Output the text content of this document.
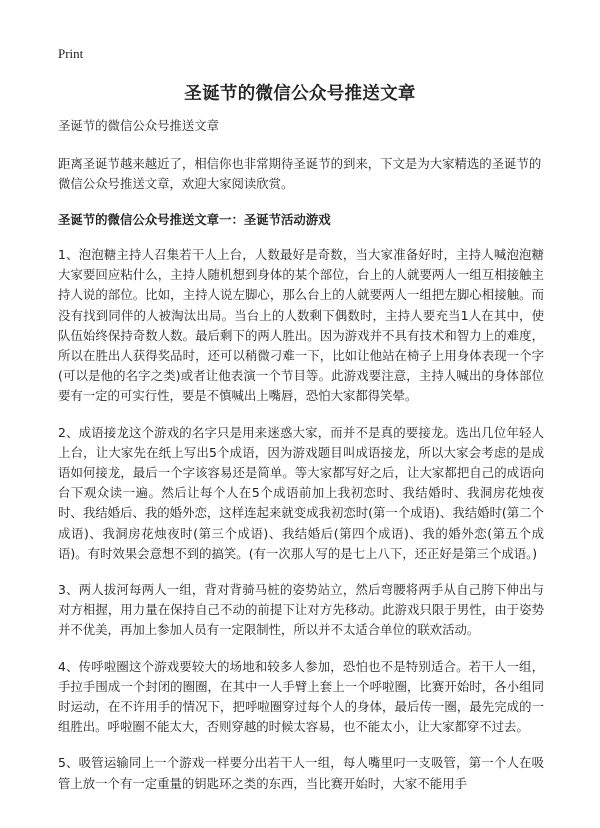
Print
圣诞节的微信公众号推送文章

圣诞节的微信公众号推送文章

距离圣诞节越来越近了，相信你也非常期待圣诞节的到来，下文是为大家精选的圣诞节的微信公众号推送文章，欢迎大家阅读欣赏。

圣诞节的微信公众号推送文章一：圣诞节活动游戏

1、泡泡糖主持人召集若干人上台，人数最好是奇数，当大家准备好时，主持人喊泡泡糖大家要回应粘什么，主持人随机想到身体的某个部位，台上的人就要两人一组互相接触主持人说的部位。比如，主持人说左脚心，那么台上的人就要两人一组把左脚心相接触。而没有找到同伴的人被淘汰出局。当台上的人数剩下偶数时，主持人要充当1人在其中，使队伍始终保持奇数人数。最后剩下的两人胜出。因为游戏并不具有技术和智力上的难度，所以在胜出人获得奖品时，还可以稍微刁难一下，比如让他站在椅子上用身体表现一个字(可以是他的名字之类)或者让他表演一个节目等。此游戏要注意，主持人喊出的身体部位要有一定的可实行性，要是不慎喊出上嘴唇，恐怕大家都得笑晕。

2、成语接龙这个游戏的名字只是用来迷惑大家，而并不是真的要接龙。选出几位年轻人上台，让大家先在纸上写出5个成语，因为游戏题目叫成语接龙，所以大家会考虑的是成语如何接龙，最后一个字该容易还是简单。等大家都写好之后，让大家都把自己的成语向台下观众读一遍。然后让每个人在5个成语前加上我初恋时、我结婚时、我洞房花烛夜时、我结婚后、我的婚外恋，这样连起来就变成我初恋时(第一个成语)、我结婚时(第二个成语)、我洞房花烛夜时(第三个成语)、我结婚后(第四个成语)、我的婚外恋(第五个成语)。有时效果会意想不到的搞笑。(有一次那人写的是七上八下，还正好是第三个成语。)

3、两人拔河每两人一组，背对背骑马桩的姿势站立，然后弯腰将两手从自己胯下伸出与对方相握，用力量在保持自己不动的前提下让对方先移动。此游戏只限于男性，由于姿势并不优美，再加上参加人员有一定限制性，所以并不太适合单位的联欢活动。

4、传呼啦圈这个游戏要较大的场地和较多人参加，恐怕也不是特别适合。若干人一组，手拉手围成一个封闭的圈圈，在其中一人手臂上套上一个呼啦圈，比赛开始时，各小组同时运动，在不许用手的情况下，把呼啦圈穿过每个人的身体，最后传一圈，最先完成的一组胜出。呼啦圈不能太大，否则穿越的时候太容易，也不能太小，让大家都穿不过去。

5、吸管运输同上一个游戏一样要分出若干人一组，每人嘴里叼一支吸管，第一个人在吸管上放一个有一定重量的钥匙环之类的东西，当比赛开始时，大家不能用手
